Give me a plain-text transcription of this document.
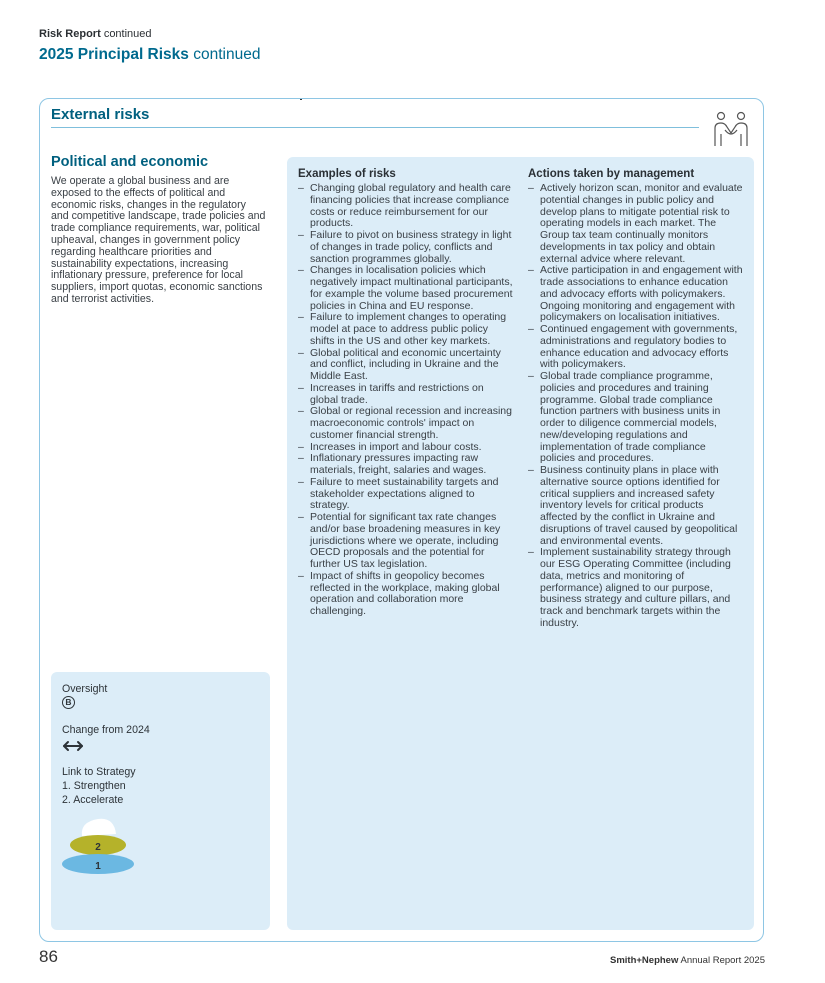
Risk Report continued
2025 Principal Risks continued
External risks
Political and economic
We operate a global business and are exposed to the effects of political and economic risks, changes in the regulatory and competitive landscape, trade policies and trade compliance requirements, war, political upheaval, changes in government policy regarding healthcare priorities and sustainability expectations, increasing inflationary pressure, preference for local suppliers, import quotas, economic sanctions and terrorist activities.
Oversight
B
Change from 2024
Link to Strategy
1. Strengthen
2. Accelerate
2
1
Examples of risks
– Changing global regulatory and health care financing policies that increase compliance costs or reduce reimbursement for our products.
– Failure to pivot on business strategy in light of changes in trade policy, conflicts and sanction programmes globally.
– Changes in localisation policies which negatively impact multinational participants, for example the volume based procurement policies in China and EU response.
– Failure to implement changes to operating model at pace to address public policy shifts in the US and other key markets.
– Global political and economic uncertainty and conflict, including in Ukraine and the Middle East.
– Increases in tariffs and restrictions on global trade.
– Global or regional recession and increasing macroeconomic controls' impact on customer financial strength.
– Increases in import and labour costs.
– Inflationary pressures impacting raw materials, freight, salaries and wages.
– Failure to meet sustainability targets and stakeholder expectations aligned to strategy.
– Potential for significant tax rate changes and/or base broadening measures in key jurisdictions where we operate, including OECD proposals and the potential for further US tax legislation.
– Impact of shifts in geopolicy becomes reflected in the workplace, making global operation and collaboration more challenging.
Actions taken by management
– Actively horizon scan, monitor and evaluate potential changes in public policy and develop plans to mitigate potential risk to operating models in each market. The Group tax team continually monitors developments in tax policy and obtain external advice where relevant.
– Active participation in and engagement with trade associations to enhance education and advocacy efforts with policymakers. Ongoing monitoring and engagement with policymakers on localisation initiatives.
– Continued engagement with governments, administrations and regulatory bodies to enhance education and advocacy efforts with policymakers.
– Global trade compliance programme, policies and procedures and training programme. Global trade compliance function partners with business units in order to diligence commercial models, new/developing regulations and implementation of trade compliance policies and procedures.
– Business continuity plans in place with alternative source options identified for critical suppliers and increased safety inventory levels for critical products affected by the conflict in Ukraine and disruptions of travel caused by geopolitical and environmental events.
– Implement sustainability strategy through our ESG Operating Committee (including data, metrics and monitoring of performance) aligned to our purpose, business strategy and culture pillars, and track and benchmark targets within the industry.
86	Smith+Nephew Annual Report 2025
